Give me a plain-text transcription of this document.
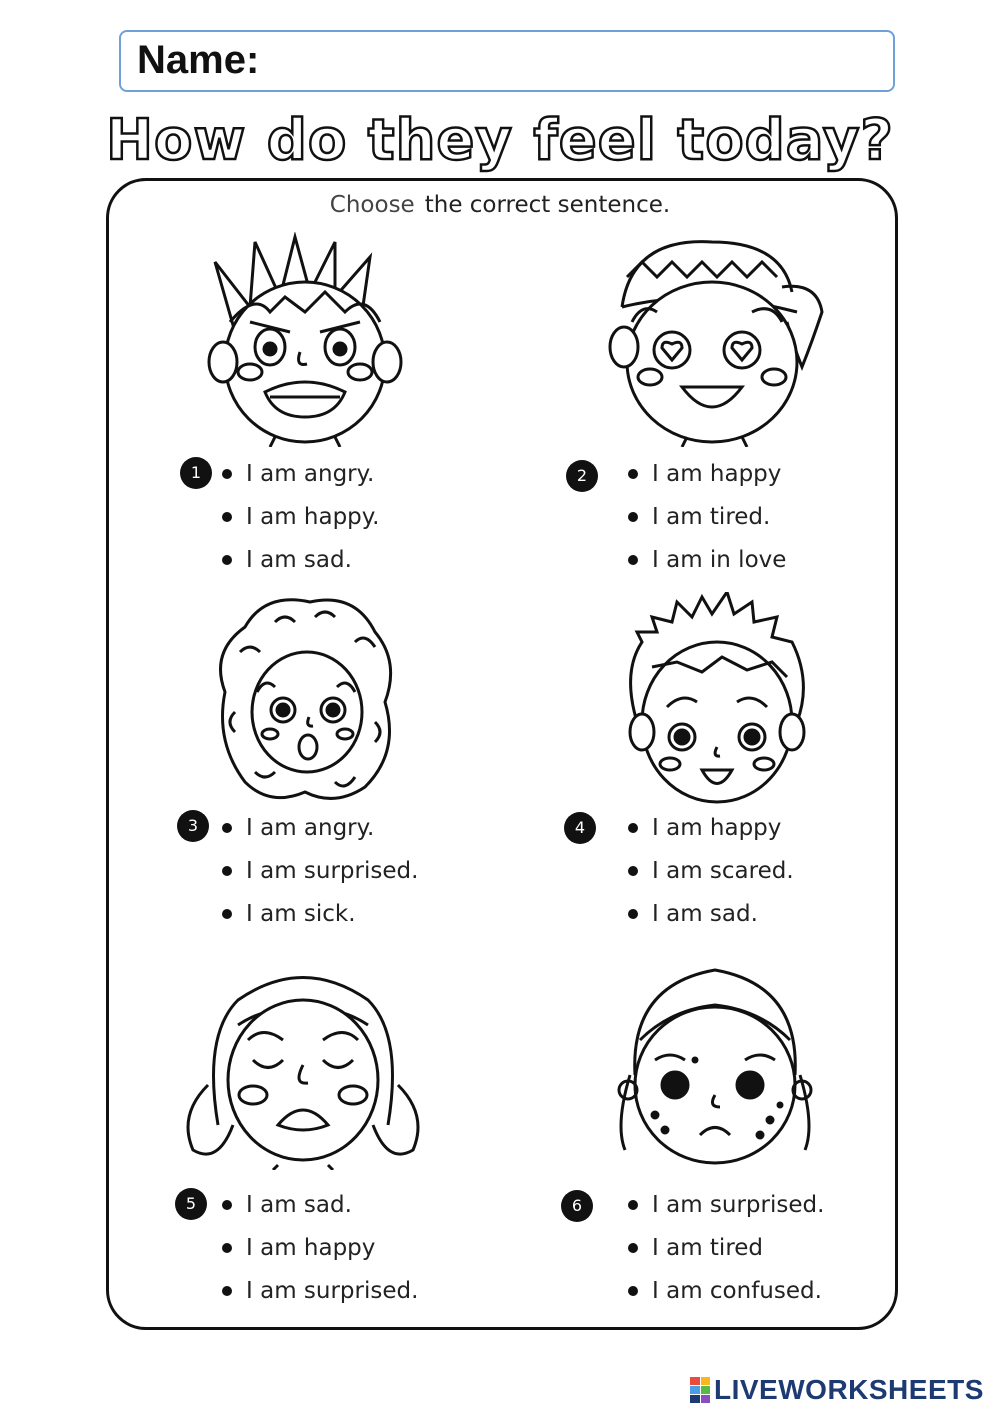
Name:
How do they feel today?
Choose the correct sentence.
1	I am angry.
I am happy.
I am sad.
2	I am happy
I am tired.
I am in love
3	I am angry.
I am surprised.
I am sick.
4	I am happy
I am scared.
I am sad.
5	I am sad.
I am happy
I am surprised.
6	I am surprised.
I am tired
I am confused.
LIVEWORKSHEETS
